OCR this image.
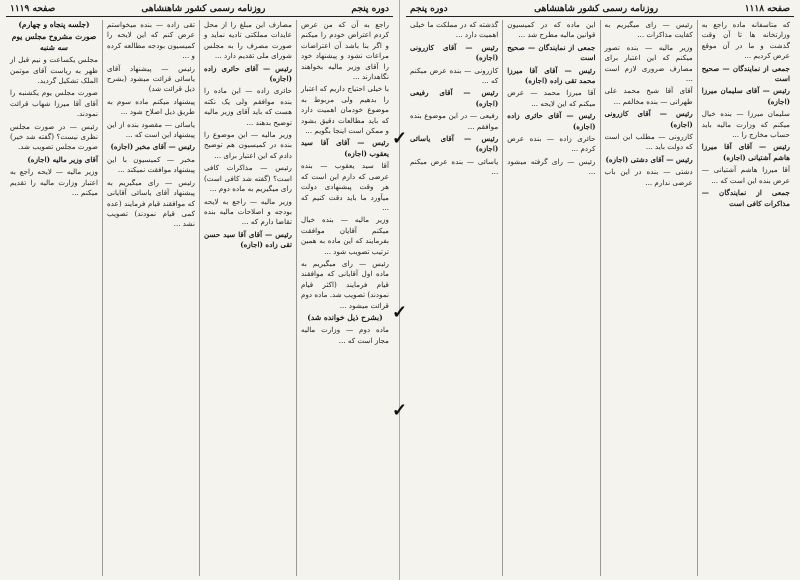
دوره پنجم
روزنامه رسمی کشور شاهنشاهی
صفحه ۱۱۱۹

راجع به آن که من عرض کردم اعتراض خودم را میکنم و اگر بنا باشد آن اعتراضات مراعات نشود و پیشنهاد خود را آقای وزیر مالیه بخواهند نگاهدارند ...

با خیلی احتیاج داریم که اعتبار را بدهیم ولی مربوط به موضوع خودمان اهمیت دارد که باید مطالعات دقیق بشود و ممکن است اینجا بگویم ...

رئیس — آقای آقا سید یعقوب (اجازه)

آقا سید یعقوب — بنده عرضی که دارم این است که هر وقت پیشنهادی دولت میآورد ما باید دقت کنیم که ...

وزیر مالیه — بنده خیال میکنم آقایان موافقت بفرمایند که این ماده به همین ترتیب تصویب شود ...

رئیس — رای میگیریم به ماده اول آقایانی که موافقند قیام فرمایند (اکثر قیام نمودند) تصویب شد. ماده دوم قرائت میشود ...

(بشرح ذیل خوانده شد)

ماده دوم — وزارت مالیه مجاز است که ...

مصارف این مبلغ را از محل عایدات مملکتی تادیه نماید و صورت مصرف را به مجلس شورای ملی تقدیم دارد ...

رئیس — آقای حائری زاده (اجازه)

حائری زاده — این ماده را بنده موافقم ولی یک نکته هست که باید آقای وزیر مالیه توضیح بدهند ...

وزیر مالیه — این موضوع را بنده در کمیسیون هم توضیح دادم که این اعتبار برای ...

رئیس — مذاکرات کافی است؟ (گفته شد کافی است) رای میگیریم به ماده دوم ...

وزیر مالیه — راجع به لایحه بودجه و اصلاحات مالیه بنده تقاضا دارم که ...

رئیس — آقای آقا سید حسن تقی زاده (اجازه)

تقی زاده — بنده میخواستم عرض کنم که این لایحه را کمیسیون بودجه مطالعه کرده و ...

رئیس — پیشنهاد آقای یاسائی قرائت میشود (بشرح ذیل قرائت شد)

پیشنهاد میکنم ماده سوم به طریق ذیل اصلاح شود ...

یاسائی — مقصود بنده از این پیشنهاد این است که ...

رئیس — آقای مخبر (اجازه)

مخبر — کمیسیون با این پیشنهاد موافقت نمیکند ...

رئیس — رای میگیریم به پیشنهاد آقای یاسائی آقایانی که موافقند قیام فرمایند (عده کمی قیام نمودند) تصویب نشد ...

(جلسه پنجاه و چهارم)

صورت مشروح مجلس یوم سه شنبه

مجلس یکساعت و نیم قبل از ظهر به ریاست آقای موتمن الملک تشکیل گردید.

صورت مجلس یوم یکشنبه را آقای آقا میرزا شهاب قرائت نمودند.

رئیس — در صورت مجلس نظری نیست؟ (گفته شد خیر) صورت مجلس تصویب شد.

آقای وزیر مالیه (اجازه)

وزیر مالیه — لایحه راجع به اعتبار وزارت مالیه را تقدیم میکنم ...

صفحه ۱۱۱۸
روزنامه رسمی کشور شاهنشاهی
دوره پنجم

که متاسفانه ماده راجع به وزارتخانه ها تا آن وقت گذشت و ما در آن موقع عرض کردیم ...

جمعی از نمایندگان — صحیح است

رئیس — آقای سلیمان میرزا (اجازه)

سلیمان میرزا — بنده خیال میکنم که وزارت مالیه باید حساب مخارج را ...

رئیس — آقای آقا میرزا هاشم آشتیانی (اجازه)

آقا میرزا هاشم آشتیانی — عرض بنده این است که ...

جمعی از نمایندگان — مذاکرات کافی است

رئیس — رای میگیریم به کفایت مذاکرات ...

وزیر مالیه — بنده تصور میکنم که این اعتبار برای مصارف ضروری لازم است ...

آقای آقا شیخ محمد علی طهرانی — بنده مخالفم ...

رئیس — آقای کازرونی (اجازه)

کازرونی — مطلب این است که دولت باید ...

رئیس — آقای دشتی (اجازه)

دشتی — بنده در این باب عرضی ندارم ...

این ماده که در کمیسیون قوانین مالیه مطرح شد ...

جمعی از نمایندگان — صحیح است

رئیس — آقای آقا میرزا محمد تقی زاده (اجازه)

آقا میرزا محمد — عرض میکنم که این لایحه ...

رئیس — آقای حائری زاده (اجازه)

حائری زاده — بنده عرض کردم ...

رئیس — رای گرفته میشود ...

گذشته که در مملکت ما خیلی اهمیت دارد ...

رئیس — آقای کازرونی (اجازه)

کازرونی — بنده عرض میکنم که ...

رئیس — آقای رفیعی (اجازه)

رفیعی — در این موضوع بنده موافقم ...

رئیس — آقای یاسائی (اجازه)

یاسائی — بنده عرض میکنم ...

✓
✓
✓
